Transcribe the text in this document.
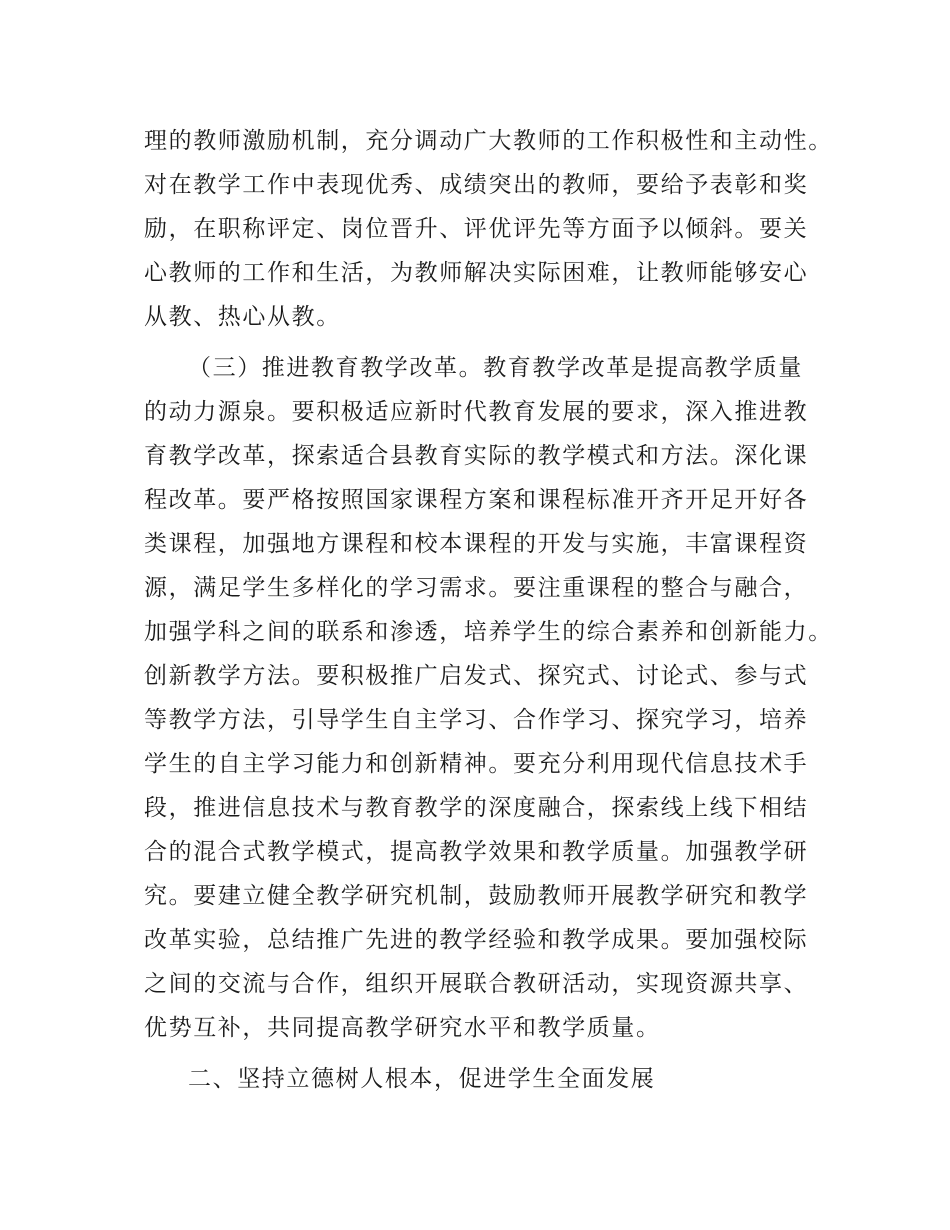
理的教师激励机制，充分调动广大教师的工作积极性和主动性。
对在教学工作中表现优秀、成绩突出的教师，要给予表彰和奖
励，在职称评定、岗位晋升、评优评先等方面予以倾斜。要关
心教师的工作和生活，为教师解决实际困难，让教师能够安心
从教、热心从教。
（三）推进教育教学改革。教育教学改革是提高教学质量
的动力源泉。要积极适应新时代教育发展的要求，深入推进教
育教学改革，探索适合县教育实际的教学模式和方法。深化课
程改革。要严格按照国家课程方案和课程标准开齐开足开好各
类课程，加强地方课程和校本课程的开发与实施，丰富课程资
源，满足学生多样化的学习需求。要注重课程的整合与融合，
加强学科之间的联系和渗透，培养学生的综合素养和创新能力。
创新教学方法。要积极推广启发式、探究式、讨论式、参与式
等教学方法，引导学生自主学习、合作学习、探究学习，培养
学生的自主学习能力和创新精神。要充分利用现代信息技术手
段，推进信息技术与教育教学的深度融合，探索线上线下相结
合的混合式教学模式，提高教学效果和教学质量。加强教学研
究。要建立健全教学研究机制，鼓励教师开展教学研究和教学
改革实验，总结推广先进的教学经验和教学成果。要加强校际
之间的交流与合作，组织开展联合教研活动，实现资源共享、
优势互补，共同提高教学研究水平和教学质量。
二、坚持立德树人根本，促进学生全面发展
